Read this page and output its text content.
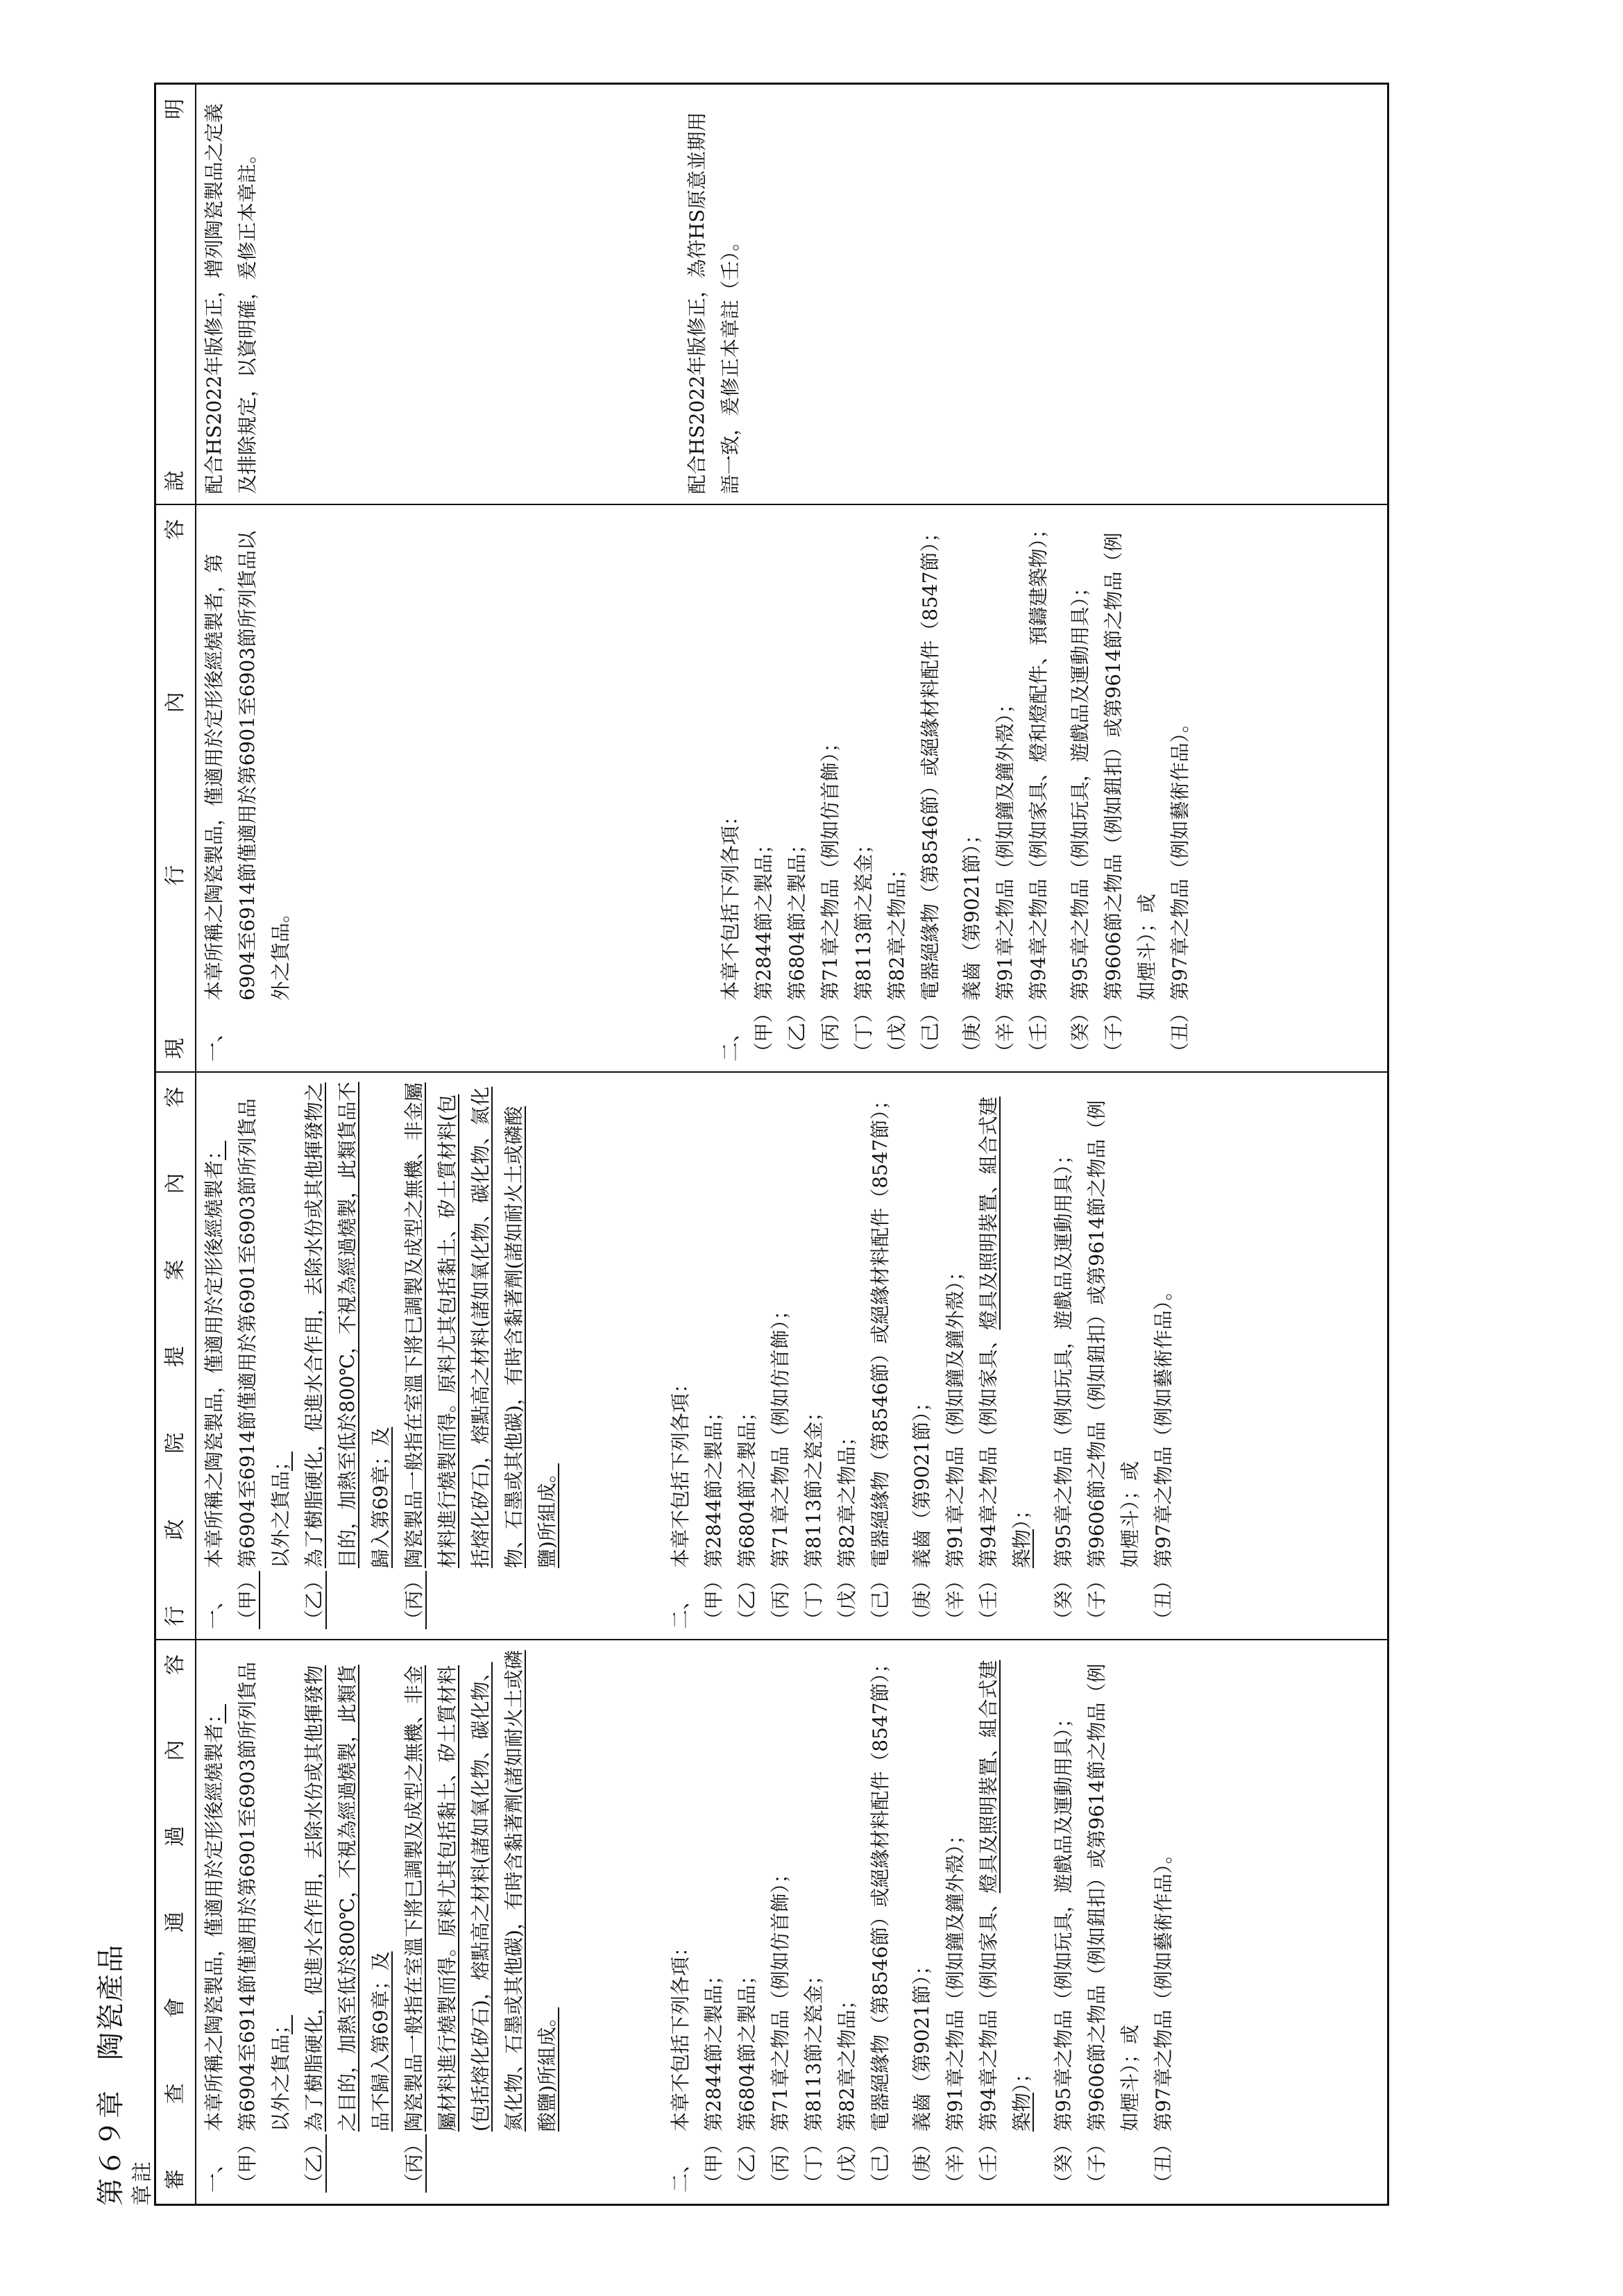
第６９章　陶瓷產品 章註 審
查
會
通
過
內
容
行
政
院
提
案
內
容
現
行
內
容
說
明
一、
本章所稱之陶瓷製品，僅適用於定形後經燒製者：
（甲）
第6904至6914節僅適用於第6901至6903節所列貨品以外之貨品；
（乙）
為了樹脂硬化，促進水合作用，去除水份或其他揮發物之目的，加熱至低於800℃，不視為經過燒製，此類貨品不歸入第69章；及
（丙）
陶瓷製品一般指在室溫下將已調製及成型之無機、非金屬材料進行燒製而得。原料尤其包括黏土、矽土質材料(包括熔化矽石)，熔點高之材料(諸如氧化物、碳化物、氮化物、石墨或其他碳)，有時含黏著劑(諸如耐火土或磷酸鹽)所組成。
二、
本章不包括下列各項：
（甲）
第2844節之製品；
（乙）
第6804節之製品；
（丙）
第71章之物品（例如仿首飾）；
（丁）
第8113節之瓷金；
（戊）
第82章之物品；
（己）
電器絕緣物（第8546節）或絕緣材料配件（8547節）；
（庚）
義齒（第9021節）；
（辛）
第91章之物品（例如鐘及鐘外殼）；
（壬）
第94章之物品（例如家具、燈具及照明裝置、組合式建築物）；
（癸）
第95章之物品（例如玩具，遊戲品及運動用具）；
（子）
第9606節之物品（例如鈕扣）或第9614節之物品（例如煙斗）；或
（丑）
第97章之物品（例如藝術作品）。
一、
本章所稱之陶瓷製品，僅適用於定形後經燒製者：
（甲）
第6904至6914節僅適用於第6901至6903節所列貨品以外之貨品；
（乙）
為了樹脂硬化，促進水合作用，去除水份或其他揮發物之目的，加熱至低於800℃，不視為經過燒製，此類貨品不歸入第69章；及
（丙）
陶瓷製品一般指在室溫下將已調製及成型之無機、非金屬材料進行燒製而得。原料尤其包括黏土、矽土質材料(包括熔化矽石)，熔點高之材料(諸如氧化物、碳化物、氮化物、石墨或其他碳)，有時含黏著劑(諸如耐火土或磷酸鹽)所組成。
二、
本章不包括下列各項：
（甲）
第2844節之製品；
（乙）
第6804節之製品；
（丙）
第71章之物品（例如仿首飾）；
（丁）
第8113節之瓷金；
（戊）
第82章之物品；
（己）
電器絕緣物（第8546節）或絕緣材料配件（8547節）；
（庚）
義齒（第9021節）；
（辛）
第91章之物品（例如鐘及鐘外殼）；
（壬）
第94章之物品（例如家具、燈具及照明裝置、組合式建築物）；
（癸）
第95章之物品（例如玩具，遊戲品及運動用具）；
（子）
第9606節之物品（例如鈕扣）或第9614節之物品（例如煙斗）；或
（丑）
第97章之物品（例如藝術作品）。
一、
本章所稱之陶瓷製品，僅適用於定形後經燒製者，第6904至6914節僅適用於第6901至6903節所列貨品以外之貨品。
二、
本章不包括下列各項：
（甲）
第2844節之製品；
（乙）
第6804節之製品；
（丙）
第71章之物品（例如仿首飾）；
（丁）
第8113節之瓷金；
（戊）
第82章之物品；
（己）
電器絕緣物（第8546節）或絕緣材料配件（8547節）；
（庚）
義齒（第9021節）；
（辛）
第91章之物品（例如鐘及鐘外殼）；
（壬）
第94章之物品（例如家具、燈和燈配件、預鑄建築物）；
（癸）
第95章之物品（例如玩具，遊戲品及運動用具）；
（子）
第9606節之物品（例如鈕扣）或第9614節之物品（例如煙斗）；或
（丑）
第97章之物品（例如藝術作品）。
配合HS2022年版修正，增列陶瓷製品之定義及排除規定，以資明確，爰修正本章註。	配合HS2022年版修正，為符HS原意並期用語一致，爰修正本章註（壬）。
